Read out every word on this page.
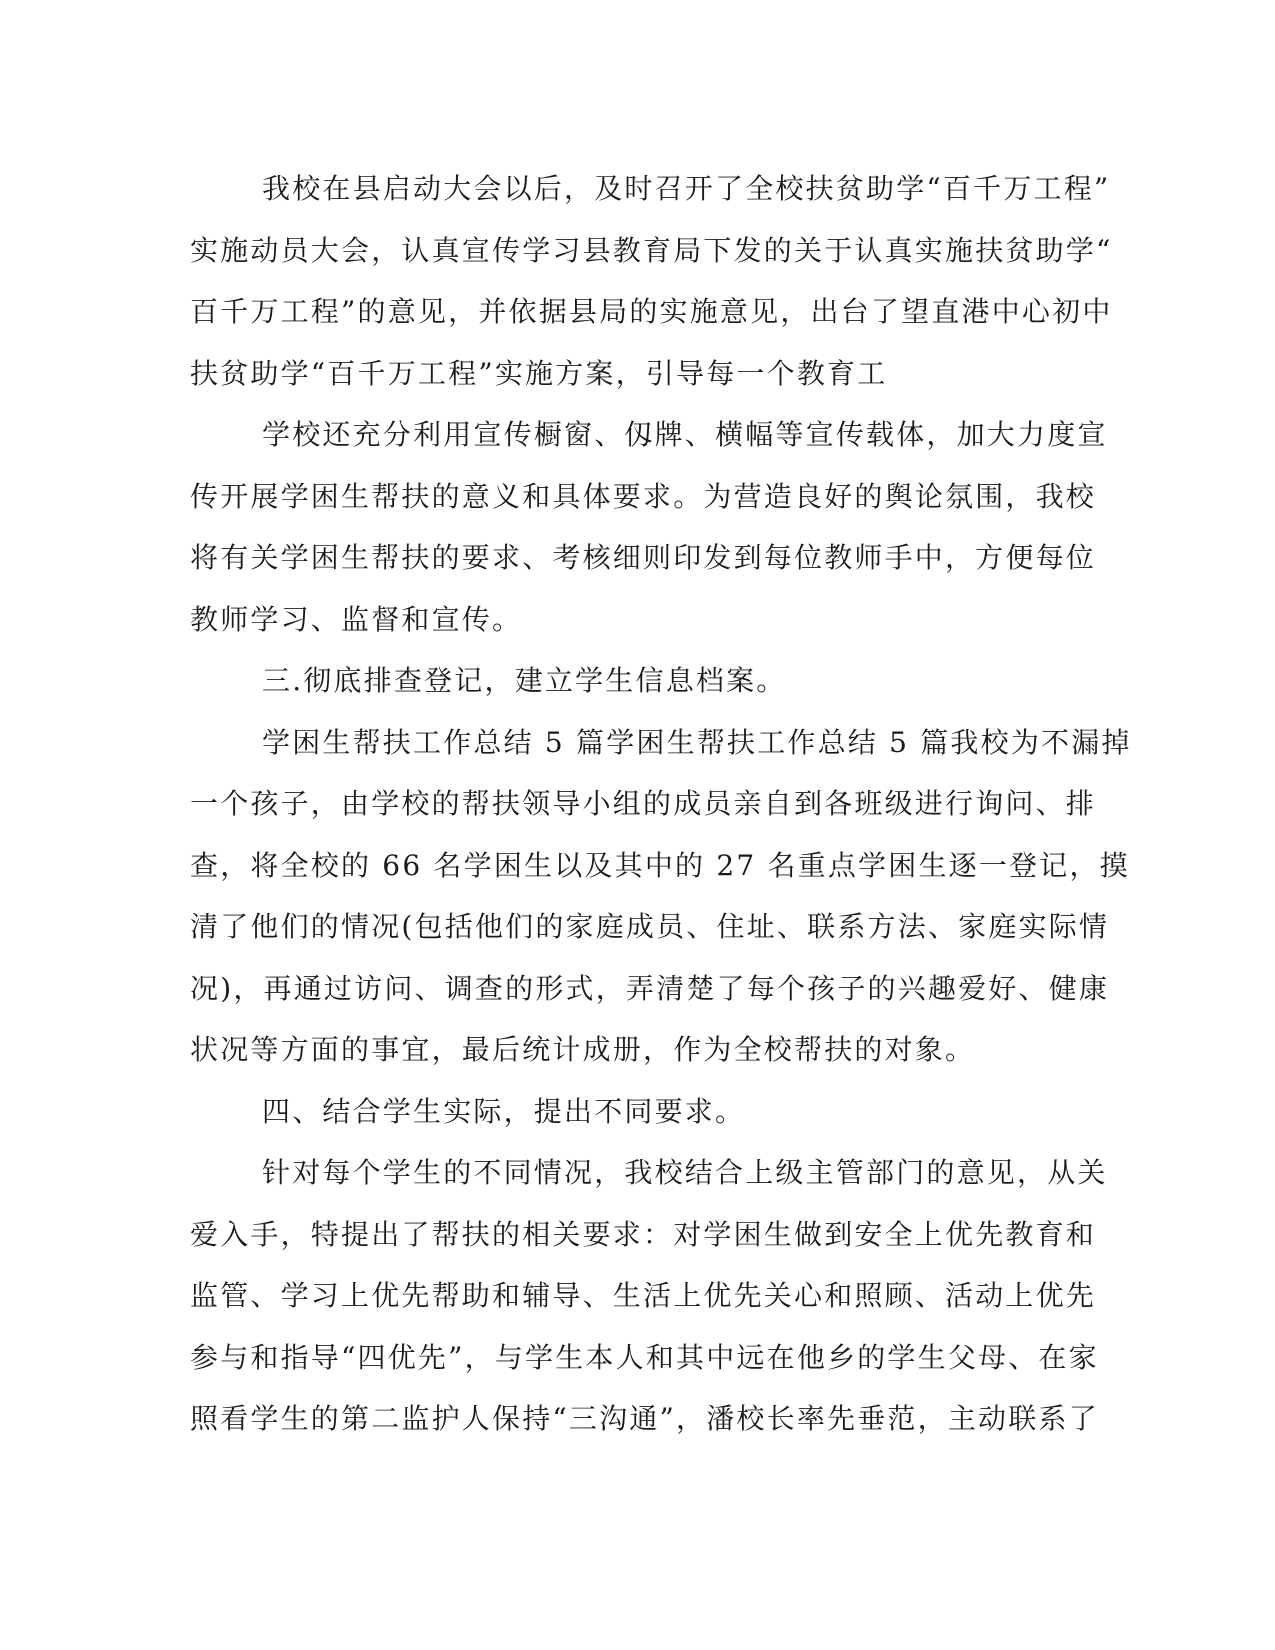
我校在县启动大会以后，及时召开了全校扶贫助学“百千万工程”
实施动员大会，认真宣传学习县教育局下发的关于认真实施扶贫助学“
百千万工程”的意见，并依据县局的实施意见，出台了望直港中心初中
扶贫助学“百千万工程”实施方案，引导每一个教育工

学校还充分利用宣传橱窗、仭牌、横幅等宣传载体，加大力度宣
传开展学困生帮扶的意义和具体要求。为营造良好的舆论氛围，我校
将有关学困生帮扶的要求、考核细则印发到每位教师手中，方便每位
教师学习、监督和宣传。

三.彻底排查登记，建立学生信息档案。

学困生帮扶工作总结 5 篇学困生帮扶工作总结 5 篇我校为不漏掉
一个孩子，由学校的帮扶领导小组的成员亲自到各班级进行询问、排
查，将全校的 66 名学困生以及其中的 27 名重点学困生逐一登记，摸
清了他们的情况(包括他们的家庭成员、住址、联系方法、家庭实际情
况)，再通过访问、调查的形式，弄清楚了每个孩子的兴趣爱好、健康
状况等方面的事宜，最后统计成册，作为全校帮扶的对象。

四、结合学生实际，提出不同要求。

针对每个学生的不同情况，我校结合上级主管部门的意见，从关
爱入手，特提出了帮扶的相关要求：对学困生做到安全上优先教育和
监管、学习上优先帮助和辅导、生活上优先关心和照顾、活动上优先
参与和指导“四优先”，与学生本人和其中远在他乡的学生父母、在家
照看学生的第二监护人保持“三沟通”，潘校长率先垂范，主动联系了
